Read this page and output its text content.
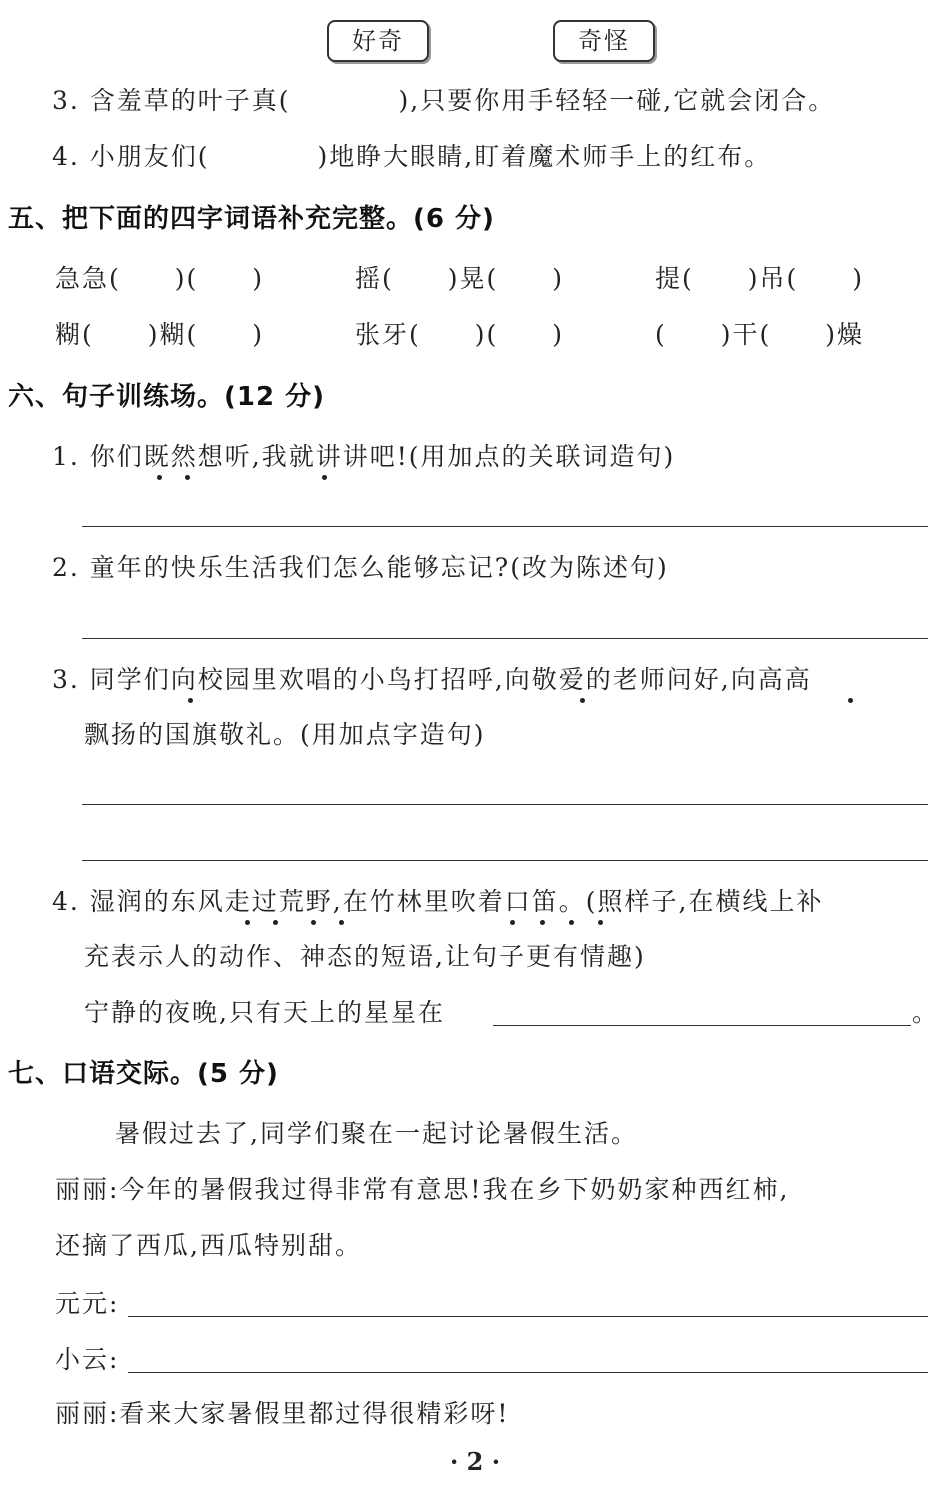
好奇	奇怪
3. 含羞草的叶子真(　　　　),只要你用手轻轻一碰,它就会闭合。
4. 小朋友们(　　　　)地睁大眼睛,盯着魔术师手上的红布。
五、把下面的四字词语补充完整。(6 分)
急急(　　)(　　)	摇(　　)晃(　　)	提(　　)吊(　　)
糊(　　)糊(　　)	张牙(　　)(　　)	(　　)干(　　)燥
六、句子训练场。(12 分)
1. 你们既然想听,我就讲讲吧!(用加点的关联词造句)
2. 童年的快乐生活我们怎么能够忘记?(改为陈述句)
3. 同学们向校园里欢唱的小鸟打招呼,向敬爱的老师问好,向高高
飘扬的国旗敬礼。(用加点字造句)
4. 湿润的东风走过荒野,在竹林里吹着口笛。(照样子,在横线上补
充表示人的动作、神态的短语,让句子更有情趣)
宁静的夜晚,只有天上的星星在	。
七、口语交际。(5 分)
暑假过去了,同学们聚在一起讨论暑假生活。
丽丽:今年的暑假我过得非常有意思!我在乡下奶奶家种西红柿,
还摘了西瓜,西瓜特别甜。
元元:
小云:
丽丽:看来大家暑假里都过得很精彩呀!
· 2 ·
